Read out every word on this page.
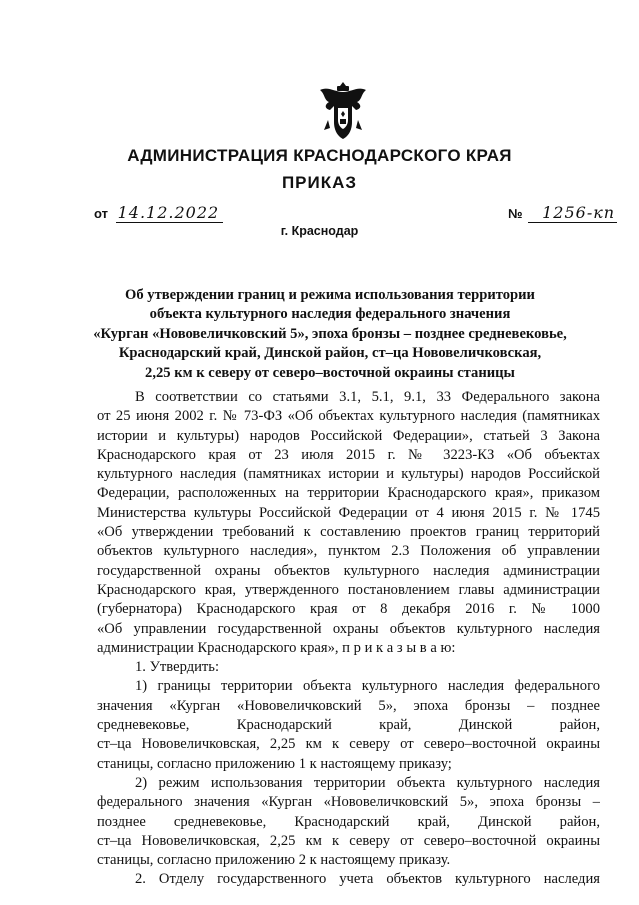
АДМИНИСТРАЦИЯ КРАСНОДАРСКОГО КРАЯ
ПРИКАЗ
от 14.12.2022	№ 1256-кп
г. Краснодар
Об утверждении границ и режима использования территории
объекта культурного наследия федерального значения
«Курган «Нововеличковский 5», эпоха бронзы – позднее средневековье,
Краснодарский край, Динской район, ст–ца Нововеличковская,
2,25 км к северу от северо–восточной окраины станицы
В соответствии со статьями 3.1, 5.1, 9.1, 33 Федерального закона
от 25 июня 2002 г. № 73-ФЗ «Об объектах культурного наследия (памятниках
истории и культуры) народов Российской Федерации», статьей 3 Закона
Краснодарского края от 23 июля 2015 г. № 3223-КЗ «Об объектах
культурного наследия (памятниках истории и культуры) народов Российской
Федерации, расположенных на территории Краснодарского края», приказом
Министерства культуры Российской Федерации от 4 июня 2015 г. № 1745
«Об утверждении требований к составлению проектов границ территорий
объектов культурного наследия», пунктом 2.3 Положения об управлении
государственной охраны объектов культурного наследия администрации
Краснодарского края, утвержденного постановлением главы администрации
(губернатора) Краснодарского края от 8 декабря 2016 г. № 1000
«Об управлении государственной охраны объектов культурного наследия
администрации Краснодарского края», п р и к а з ы в а ю:
1. Утвердить:
1) границы территории объекта культурного наследия федерального
значения «Курган «Нововеличковский 5», эпоха бронзы – позднее
средневековье, Краснодарский край, Динской район,
ст–ца Нововеличковская, 2,25 км к северу от северо–восточной окраины
станицы, согласно приложению 1 к настоящему приказу;
2) режим использования территории объекта культурного наследия
федерального значения «Курган «Нововеличковский 5», эпоха бронзы –
позднее средневековье, Краснодарский край, Динской район,
ст–ца Нововеличковская, 2,25 км к северу от северо–восточной окраины
станицы, согласно приложению 2 к настоящему приказу.
2. Отделу государственного учета объектов культурного наследия
